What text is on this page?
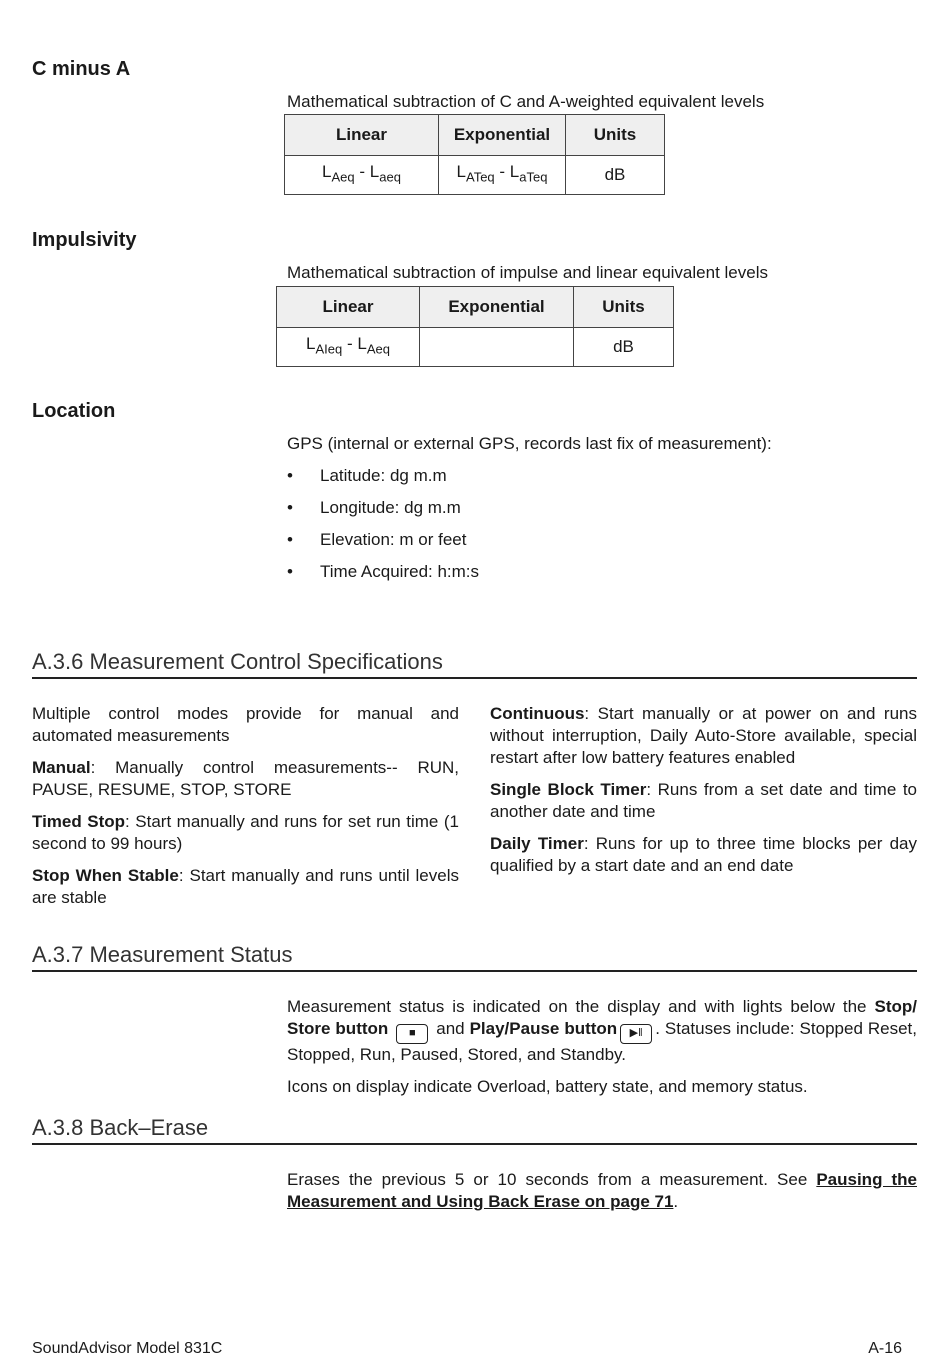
C minus A
Mathematical subtraction of C and A-weighted equivalent levels
Linear	Exponential	Units
$L_{Aeq} - L_{aeq}$	$L_{ATeq} - L_{aTeq}$	dB
Impulsivity
Mathematical subtraction of impulse and linear equivalent levels
Linear	Exponential	Units
$L_{AIeq} - L_{Aeq}$		dB
Location
GPS (internal or external GPS, records last fix of measurement):
• Latitude: dg m.m
• Longitude: dg m.m
• Elevation: m or feet
• Time Acquired: h:m:s
A.3.6 Measurement Control Specifications

Multiple control modes provide for manual and automated measurements

Manual: Manually control measurements-- RUN, PAUSE, RESUME, STOP, STORE

Timed Stop: Start manually and runs for set run time (1 second to 99 hours)

Stop When Stable: Start manually and runs until levels are stable

Continuous: Start manually or at power on and runs without interruption, Daily Auto-Store available, special restart after low battery features enabled

Single Block Timer: Runs from a set date and time to another date and time

Daily Timer: Runs for up to three time blocks per day qualified by a start date and an end date

A.3.7 Measurement Status

Measurement status is indicated on the display and with lights below the Stop/ Store button ■ and Play/Pause button ▶‖ . Statuses include: Stopped Reset, Stopped, Run, Paused, Stored, and Standby.

Icons on display indicate Overload, battery state, and memory status.

A.3.8 Back–Erase

Erases the previous 5 or 10 seconds from a measurement. See Pausing the Measurement and Using Back Erase on page 71.

SoundAdvisor Model 831C	A-16
